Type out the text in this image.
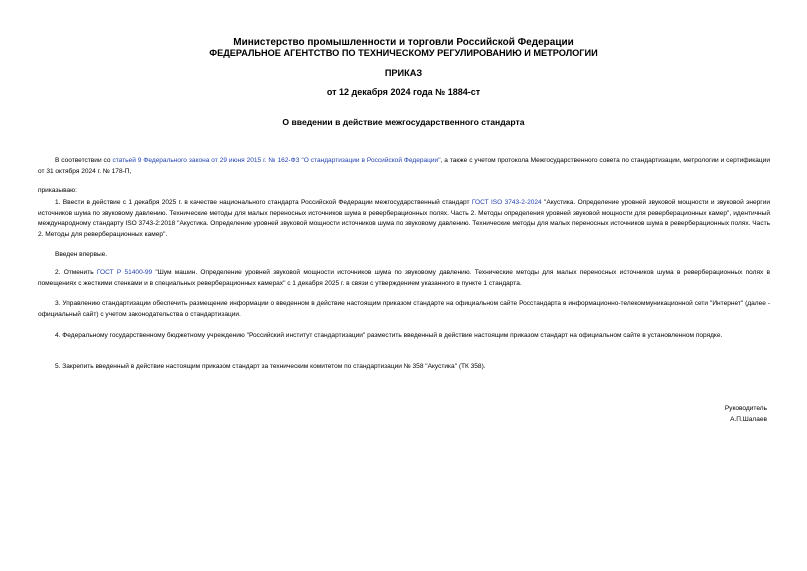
Министерство промышленности и торговли Российской Федерации
ФЕДЕРАЛЬНОЕ АГЕНТСТВО ПО ТЕХНИЧЕСКОМУ РЕГУЛИРОВАНИЮ И МЕТРОЛОГИИ
ПРИКАЗ
от 12 декабря 2024 года № 1884-ст
О введении в действие межгосударственного стандарта
В соответствии со статьей 9 Федерального закона от 29 июня 2015 г. № 162-ФЗ "О стандартизации в Российской Федерации", а также с учетом протокола Межгосударственного совета по стандартизации, метрологии и сертификации от 31 октября 2024 г. № 178-П,
приказываю:
1. Ввести в действие с 1 декабря 2025 г. в качестве национального стандарта Российской Федерации межгосударственный стандарт ГОСТ ISO 3743-2-2024 "Акустика. Определение уровней звуковой мощности и звуковой энергии источников шума по звуковому давлению. Технические методы для малых переносных источников шума в реверберационных полях. Часть 2. Методы определения уровней звуковой мощности для реверберационных камер", идентичный международному стандарту ISO 3743-2:2018 "Акустика. Определение уровней звуковой мощности источников шума по звуковому давлению. Технические методы для малых переносных источников шума в реверберационных полях. Часть 2. Методы для реверберационных камер".
Введен впервые.
2. Отменить ГОСТ Р 51400-99 "Шум машин. Определение уровней звуковой мощности источников шума по звуковому давлению. Технические методы для малых переносных источников шума в реверберационных полях в помещениях с жесткими стенками и в специальных реверберационных камерах" с 1 декабря 2025 г. в связи с утверждением указанного в пункте 1 стандарта.
3. Управлению стандартизации обеспечить размещение информации о введенном в действие настоящим приказом стандарте на официальном сайте Росстандарта в информационно-телекоммуникационной сети "Интернет" (далее - официальный сайт) с учетом законодательства о стандартизации.
4. Федеральному государственному бюджетному учреждению "Российский институт стандартизации" разместить введенный в действие настоящим приказом стандарт на официальном сайте в установленном порядке.
5. Закрепить введенный в действие настоящим приказом стандарт за техническим комитетом по стандартизации № 358 "Акустика" (ТК 358).
Руководитель
А.П.Шалаев
